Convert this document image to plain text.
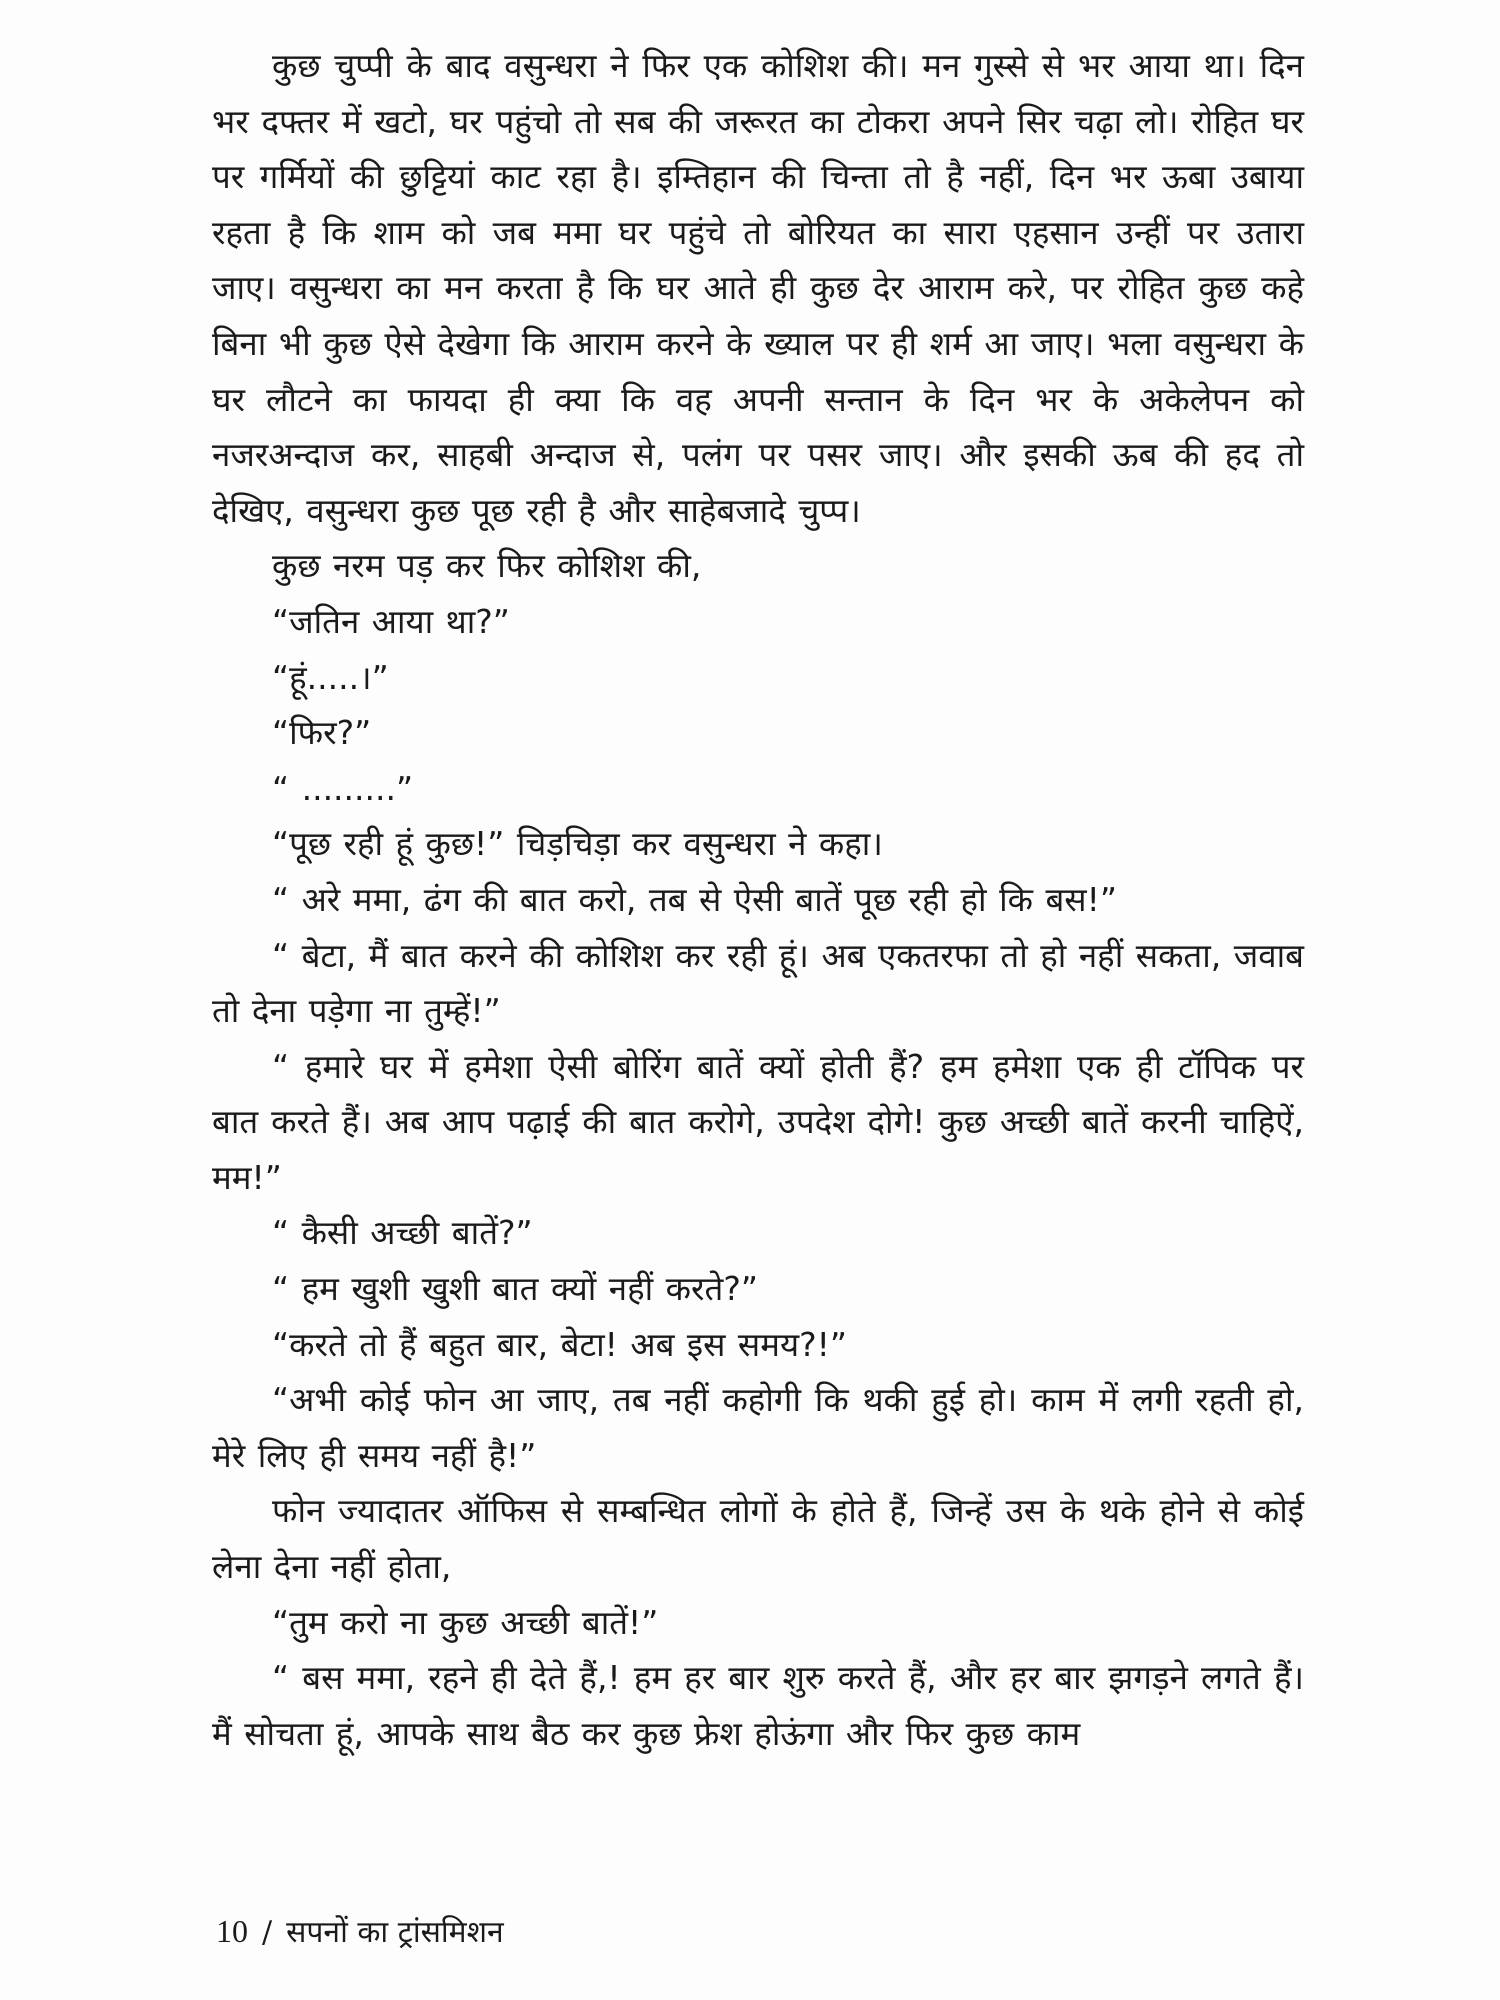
कुछ चुप्पी के बाद वसुन्धरा ने फिर एक कोशिश की। मन गुस्से से भर आया था। दिन भर दफ्तर में खटो, घर पहुंचो तो सब की जरूरत का टोकरा अपने सिर चढ़ा लो। रोहित घर पर गर्मियों की छुट्टियां काट रहा है। इम्तिहान की चिन्ता तो है नहीं, दिन भर ऊबा उबाया रहता है कि शाम को जब ममा घर पहुंचे तो बोरियत का सारा एहसान उन्हीं पर उतारा जाए। वसुन्धरा का मन करता है कि घर आते ही कुछ देर आराम करे, पर रोहित कुछ कहे बिना भी कुछ ऐसे देखेगा कि आराम करने के ख्याल पर ही शर्म आ जाए। भला वसुन्धरा के घर लौटने का फायदा ही क्या कि वह अपनी सन्तान के दिन भर के अकेलेपन को नजरअन्दाज कर, साहबी अन्दाज से, पलंग पर पसर जाए। और इसकी ऊब की हद तो देखिए, वसुन्धरा कुछ पूछ रही है और साहेबजादे चुप्प।

कुछ नरम पड़ कर फिर कोशिश की,

“जतिन आया था?”

“हूं.....।”

“फिर?”

“ .........”

“पूछ रही हूं कुछ!” चिड़चिड़ा कर वसुन्धरा ने कहा।

“ अरे ममा, ढंग की बात करो, तब से ऐसी बातें पूछ रही हो कि बस!”

“ बेटा, मैं बात करने की कोशिश कर रही हूं। अब एकतरफा तो हो नहीं सकता, जवाब तो देना पड़ेगा ना तुम्हें!”

“ हमारे घर में हमेशा ऐसी बोरिंग बातें क्यों होती हैं? हम हमेशा एक ही टॉपिक पर बात करते हैं। अब आप पढ़ाई की बात करोगे, उपदेश दोगे! कुछ अच्छी बातें करनी चाहिऐं, मम!”

“ कैसी अच्छी बातें?”

“ हम खुशी खुशी बात क्यों नहीं करते?”

“करते तो हैं बहुत बार, बेटा! अब इस समय?!”

“अभी कोई फोन आ जाए, तब नहीं कहोगी कि थकी हुई हो। काम में लगी रहती हो, मेरे लिए ही समय नहीं है!”

फोन ज्यादातर ऑफिस से सम्बन्धित लोगों के होते हैं, जिन्हें उस के थके होने से कोई लेना देना नहीं होता,

“तुम करो ना कुछ अच्छी बातें!”

“ बस ममा, रहने ही देते हैं,! हम हर बार शुरु करते हैं, और हर बार झगड़ने लगते हैं। मैं सोचता हूं, आपके साथ बैठ कर कुछ फ्रेश होऊंगा और फिर कुछ काम

10 / सपनों का ट्रांसमिशन
